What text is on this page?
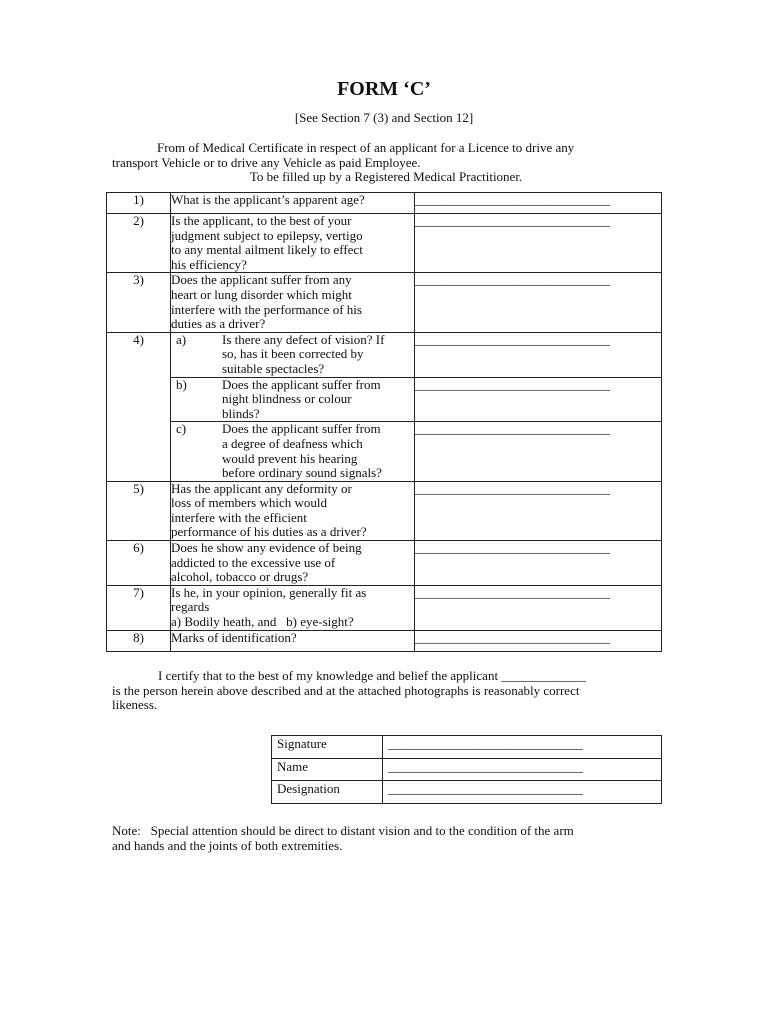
FORM ‘C’
[See Section 7 (3) and Section 12]

From of Medical Certificate in respect of an applicant for a Licence to drive any

transport Vehicle or to drive any Vehicle as paid Employee.

To be filled up by a Registered Medical Practitioner.

1)	What is the applicant’s apparent age?	______________________________
2)	Is the applicant, to the best of your
judgment subject to epilepsy, vertigo
to any mental ailment likely to effect
his efficiency?	______________________________
3)	Does the applicant suffer from any
heart or lung disorder which might
interfere with the performance of his
duties as a driver?	______________________________
4)	a) Is there any defect of vision? If
so, has it been corrected by
suitable spectacles?	______________________________

	b) Does the applicant suffer from
night blindness or colour
blinds?	______________________________

	c) Does the applicant suffer from
a degree of deafness which
would prevent his hearing
before ordinary sound signals?	______________________________
5)	Has the applicant any deformity or
loss of members which would
interfere with the efficient
performance of his duties as a driver?	______________________________
6)	Does he show any evidence of being
addicted to the excessive use of
alcohol, tobacco or drugs?	______________________________
7)	Is he, in your opinion, generally fit as
regards
a) Bodily heath, and   b) eye-sight?	______________________________
8)	Marks of identification?	______________________________

I certify that to the best of my knowledge and belief the applicant _____________

is the person herein above described and at the attached photographs is reasonably correct

likeness.

Signature	______________________________
Name	______________________________
Designation	______________________________

Note:   Special attention should be direct to distant vision and to the condition of the arm

and hands and the joints of both extremities.
